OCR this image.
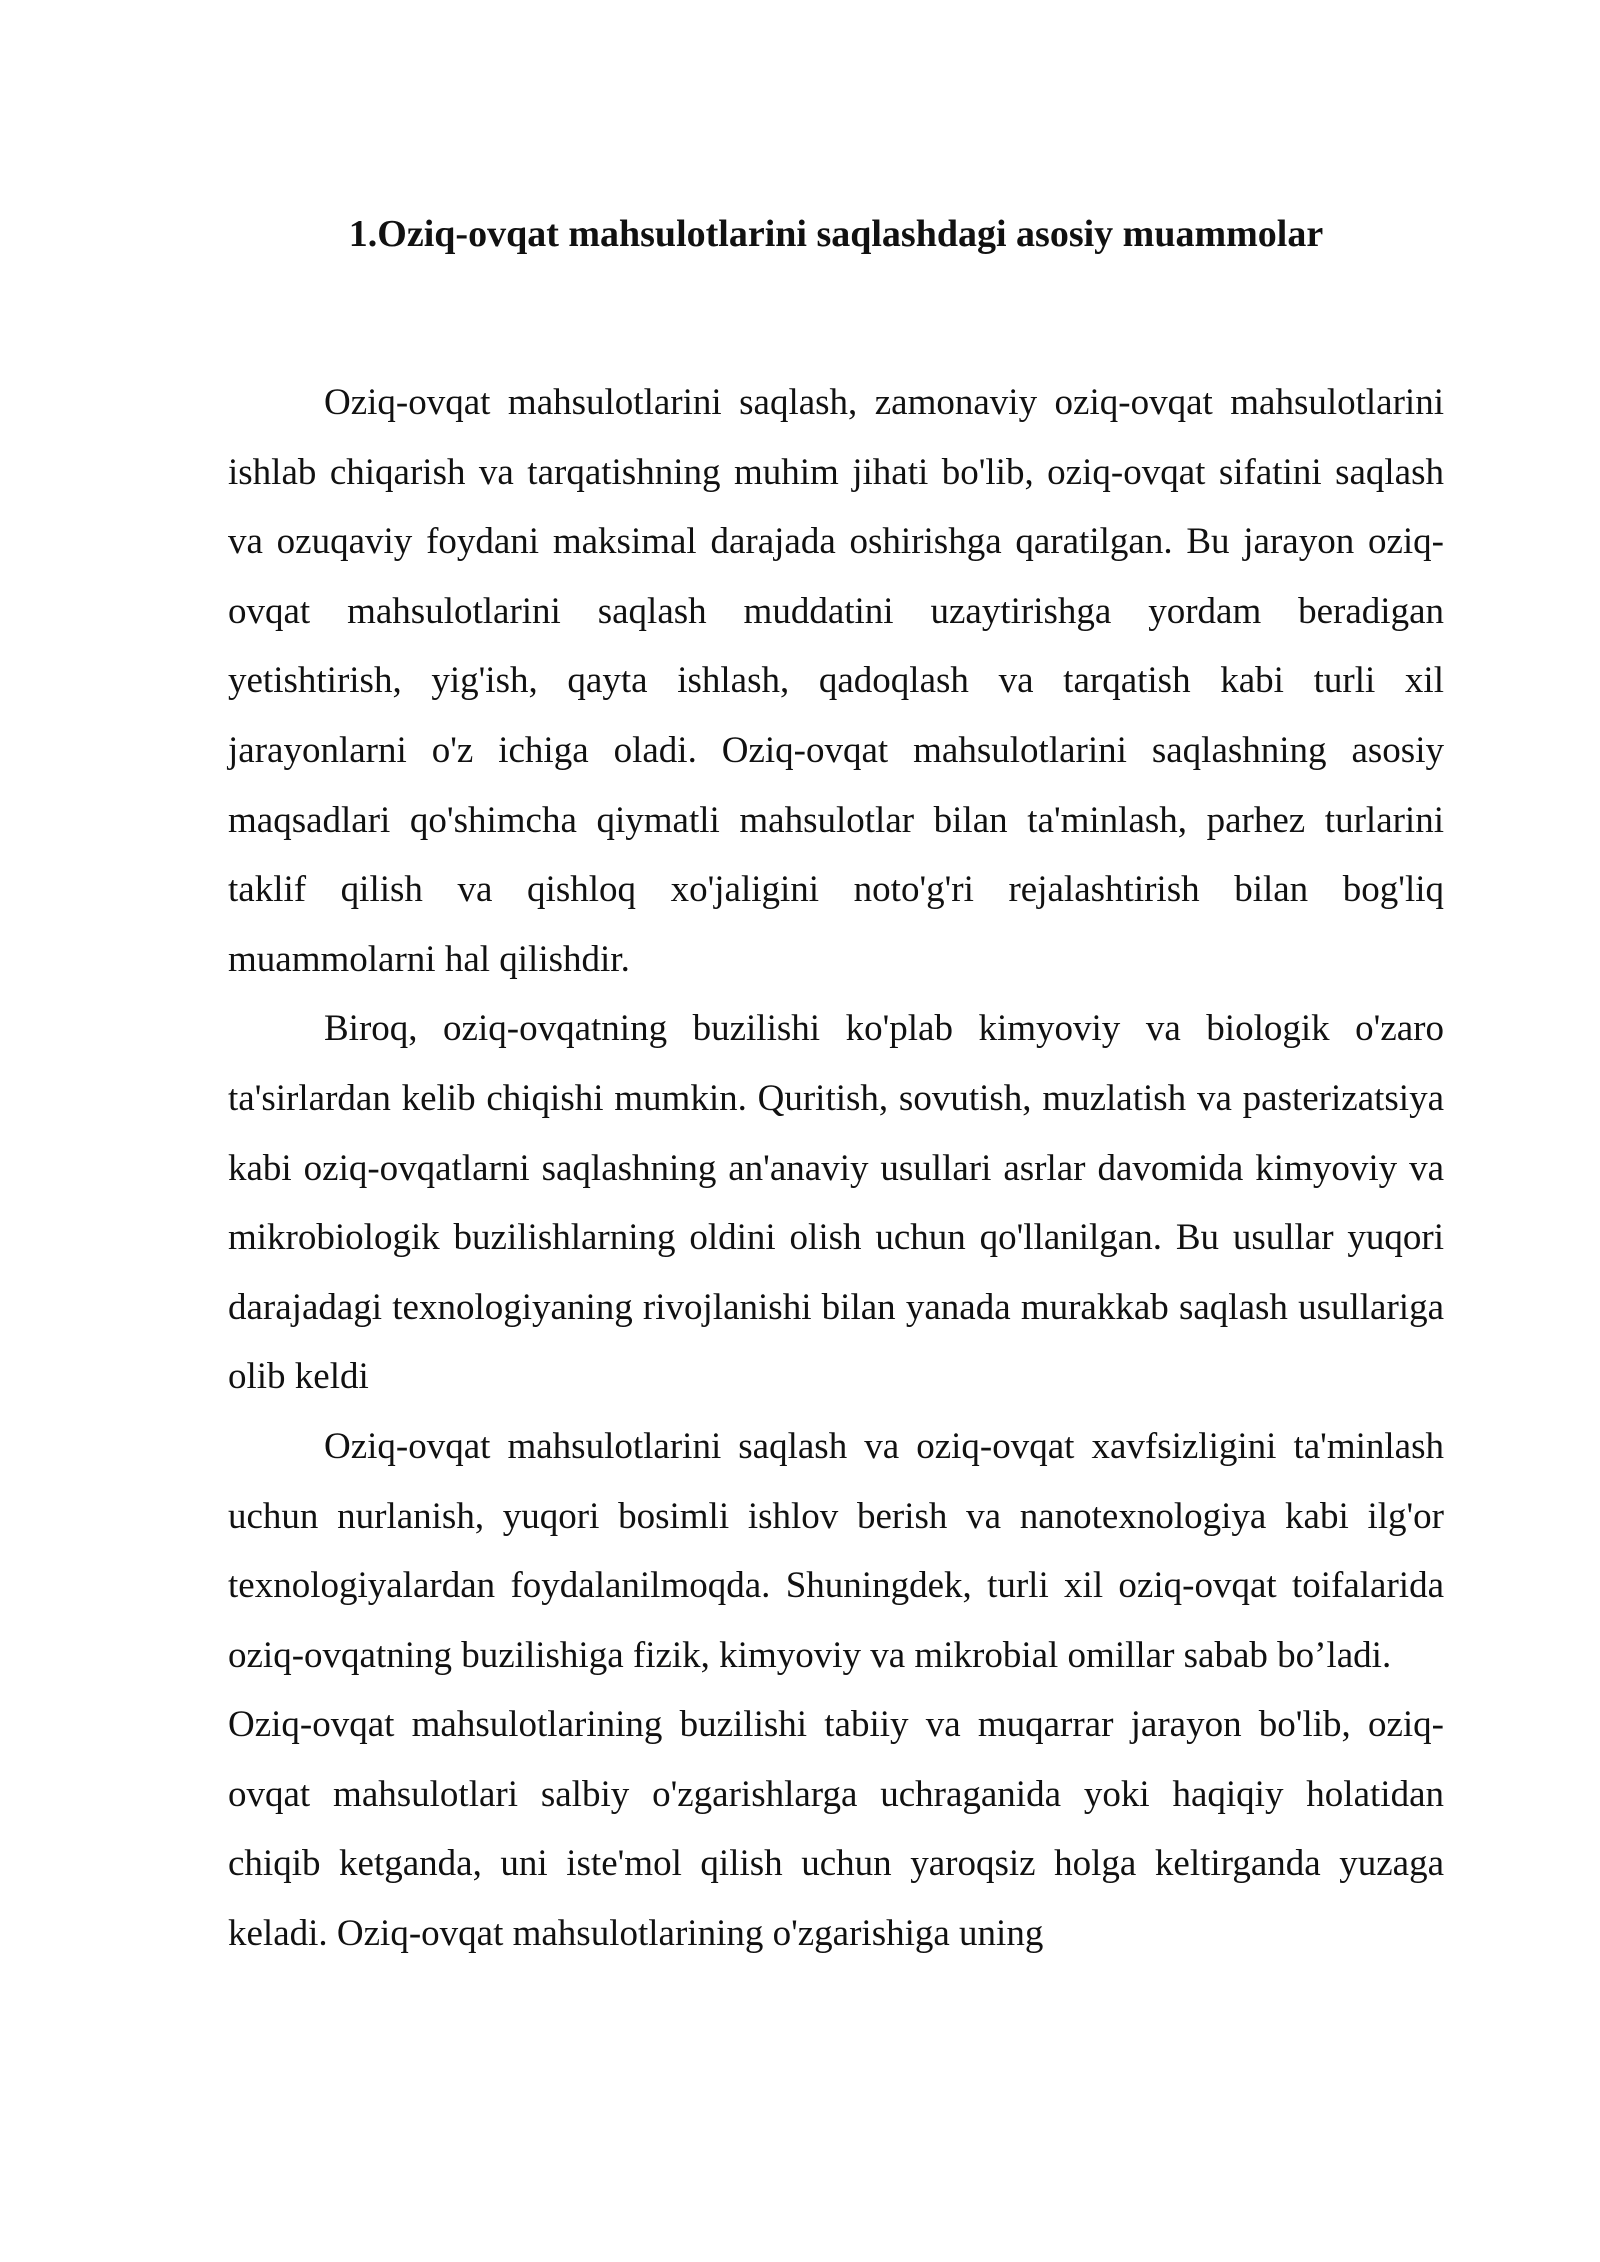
1.Oziq-ovqat mahsulotlarini saqlashdagi asosiy muammolar

Oziq-ovqat mahsulotlarini saqlash, zamonaviy oziq-ovqat mahsulotlarini ishlab chiqarish va tarqatishning muhim jihati bo'lib, oziq-ovqat sifatini saqlash va ozuqaviy foydani maksimal darajada oshirishga qaratilgan. Bu jarayon oziq-ovqat mahsulotlarini saqlash muddatini uzaytirishga yordam beradigan yetishtirish, yig'ish, qayta ishlash, qadoqlash va tarqatish kabi turli xil jarayonlarni o'z ichiga oladi. Oziq-ovqat mahsulotlarini saqlashning asosiy maqsadlari qo'shimcha qiymatli mahsulotlar bilan ta'minlash, parhez turlarini taklif qilish va qishloq xo'jaligini noto'g'ri rejalashtirish bilan bog'liq muammolarni hal qilishdir.

Biroq, oziq-ovqatning buzilishi ko'plab kimyoviy va biologik o'zaro ta'sirlardan kelib chiqishi mumkin. Quritish, sovutish, muzlatish va pasterizatsiya kabi oziq-ovqatlarni saqlashning an'anaviy usullari asrlar davomida kimyoviy va mikrobiologik buzilishlarning oldini olish uchun qo'llanilgan. Bu usullar yuqori darajadagi texnologiyaning rivojlanishi bilan yanada murakkab saqlash usullariga olib keldi

Oziq-ovqat mahsulotlarini saqlash va oziq-ovqat xavfsizligini ta'minlash uchun nurlanish, yuqori bosimli ishlov berish va nanotexnologiya kabi ilg'or texnologiyalardan foydalanilmoqda. Shuningdek, turli xil oziq-ovqat toifalarida oziq-ovqatning buzilishiga fizik, kimyoviy va mikrobial omillar sabab bo’ladi.

Oziq-ovqat mahsulotlarining buzilishi tabiiy va muqarrar jarayon bo'lib, oziq-ovqat mahsulotlari salbiy o'zgarishlarga uchraganida yoki haqiqiy holatidan chiqib ketganda, uni iste'mol qilish uchun yaroqsiz holga keltirganda yuzaga keladi. Oziq-ovqat mahsulotlarining o'zgarishiga uning
